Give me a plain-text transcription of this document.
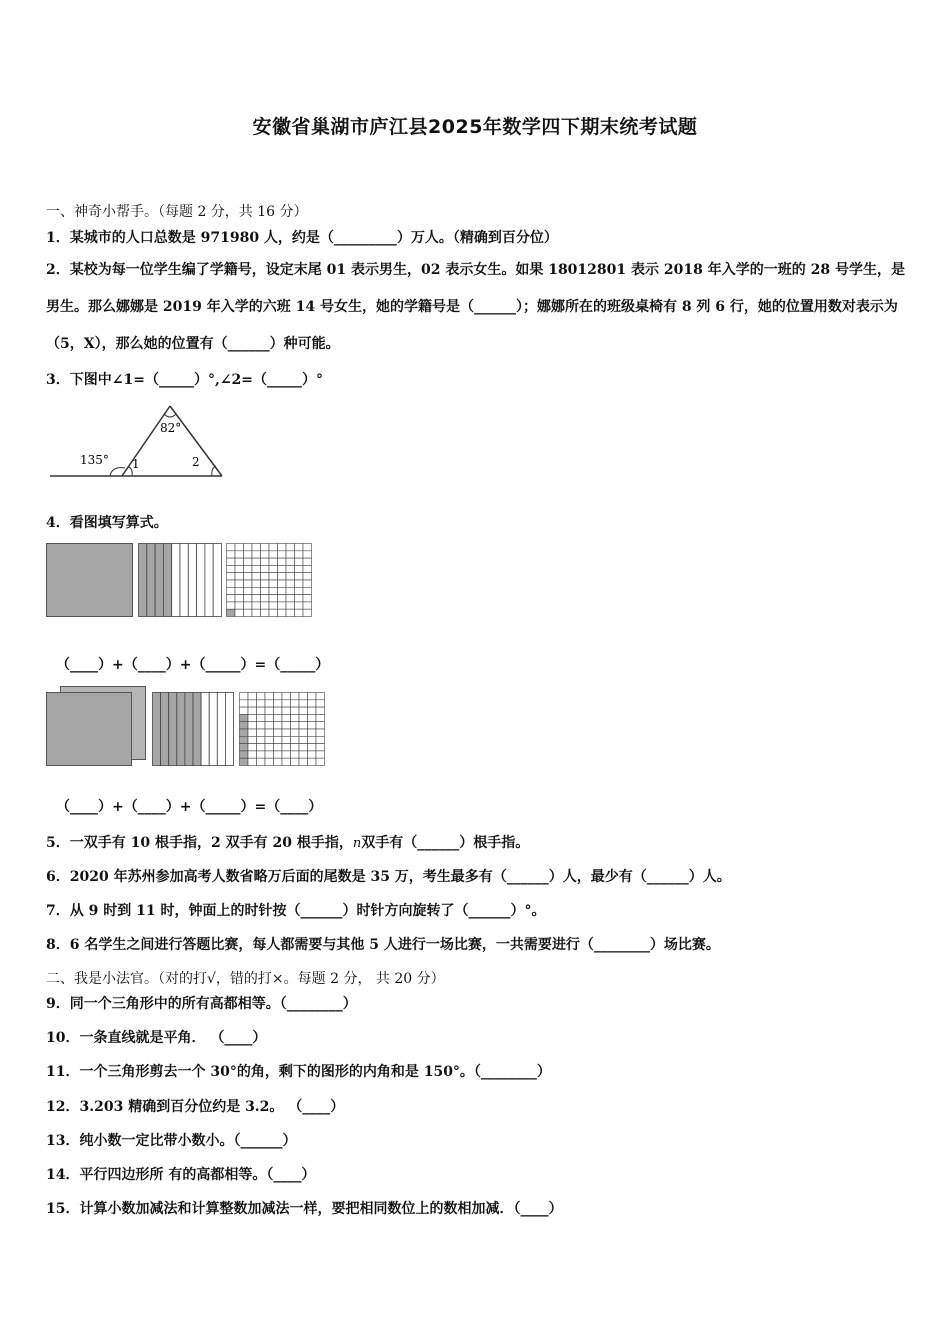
安徽省巢湖市庐江县2025年数学四下期末统考试题
一、神奇小帮手。（每题 2 分，共 16 分）
1．某城市的人口总数是 971980 人，约是（_________）万人。（精确到百分位）
2．某校为每一位学生编了学籍号，设定末尾 01 表示男生，02 表示女生。如果 18012801 表示 2018 年入学的一班的 28 号学生，是男生。那么娜娜是 2019 年入学的六班 14 号女生，她的学籍号是（______）；娜娜所在的班级桌椅有 8 列 6 行，她的位置用数对表示为（5，X），那么她的位置有（______）种可能。
3．下图中∠1=（_____）°,∠2=（_____）°
82°
135° 1	2
4．看图填写算式。
（____）+（____）+（_____）=（_____）
（____）+（____）+（_____）=（____）
5．一双手有 10 根手指，2 双手有 20 根手指，n双手有（______）根手指。
6．2020 年苏州参加高考人数省略万后面的尾数是 35 万，考生最多有（______）人，最少有（______）人。
7．从 9 时到 11 时，钟面上的时针按（______）时针方向旋转了（______）°。
8．6 名学生之间进行答题比赛，每人都需要与其他 5 人进行一场比赛，一共需要进行（________）场比赛。
二、我是小法官。（对的打√，错的打×。每题 2 分， 共 20 分）
9．同一个三角形中的所有高都相等。（________）
10．一条直线就是平角． （____）
11．一个三角形剪去一个 30°的角，剩下的图形的内角和是 150°。（________）
12．3.203 精确到百分位约是 3.2。 （____）
13．纯小数一定比带小数小。（______）
14．平行四边形所 有的高都相等。（____）
15．计算小数加减法和计算整数加减法一样，要把相同数位上的数相加减．（____）
